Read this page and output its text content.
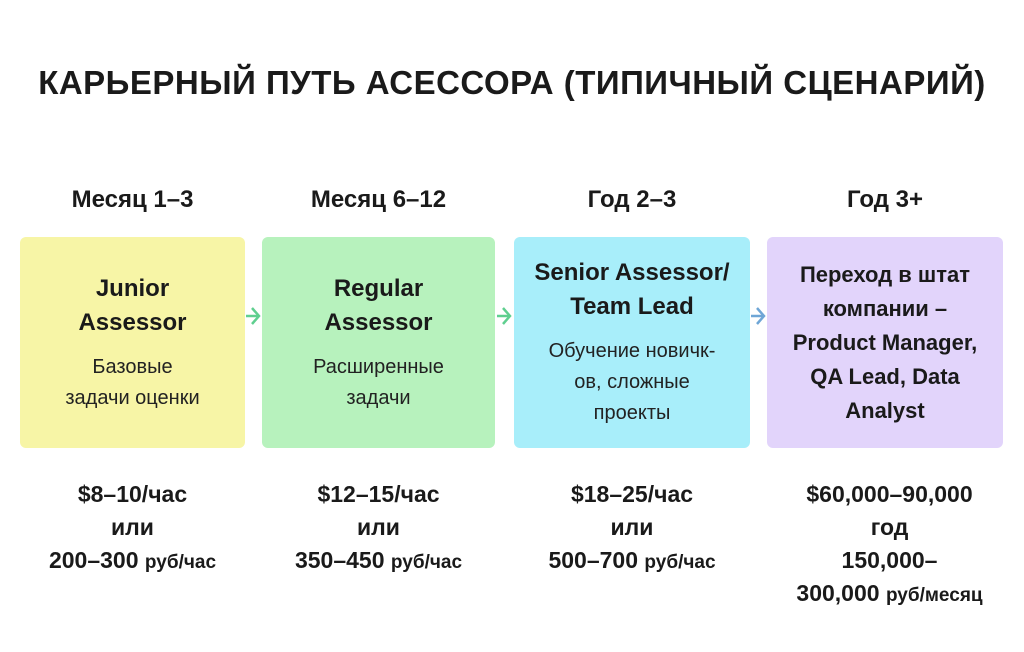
КАРЬЕРНЫЙ ПУТЬ АСЕССОРА (ТИПИЧНЫЙ СЦЕНАРИЙ)
Месяц 1–3
Junior
Assessor
Базовые
задачи оценки
$8–10/час
или
200–300 руб/час
Месяц 6–12
Regular
Assessor
Расширенные
задачи
$12–15/час
или
350–450 руб/час
Год 2–3
Senior Assessor/
Team Lead
Обучение новичк-
ов, сложные
проекты
$18–25/час
или
500–700 руб/час
Год 3+
Переход в штат
компании –
Product Manager,
QA Lead, Data
Analyst
$60,000–90,000
год
150,000–
300,000 руб/месяц
